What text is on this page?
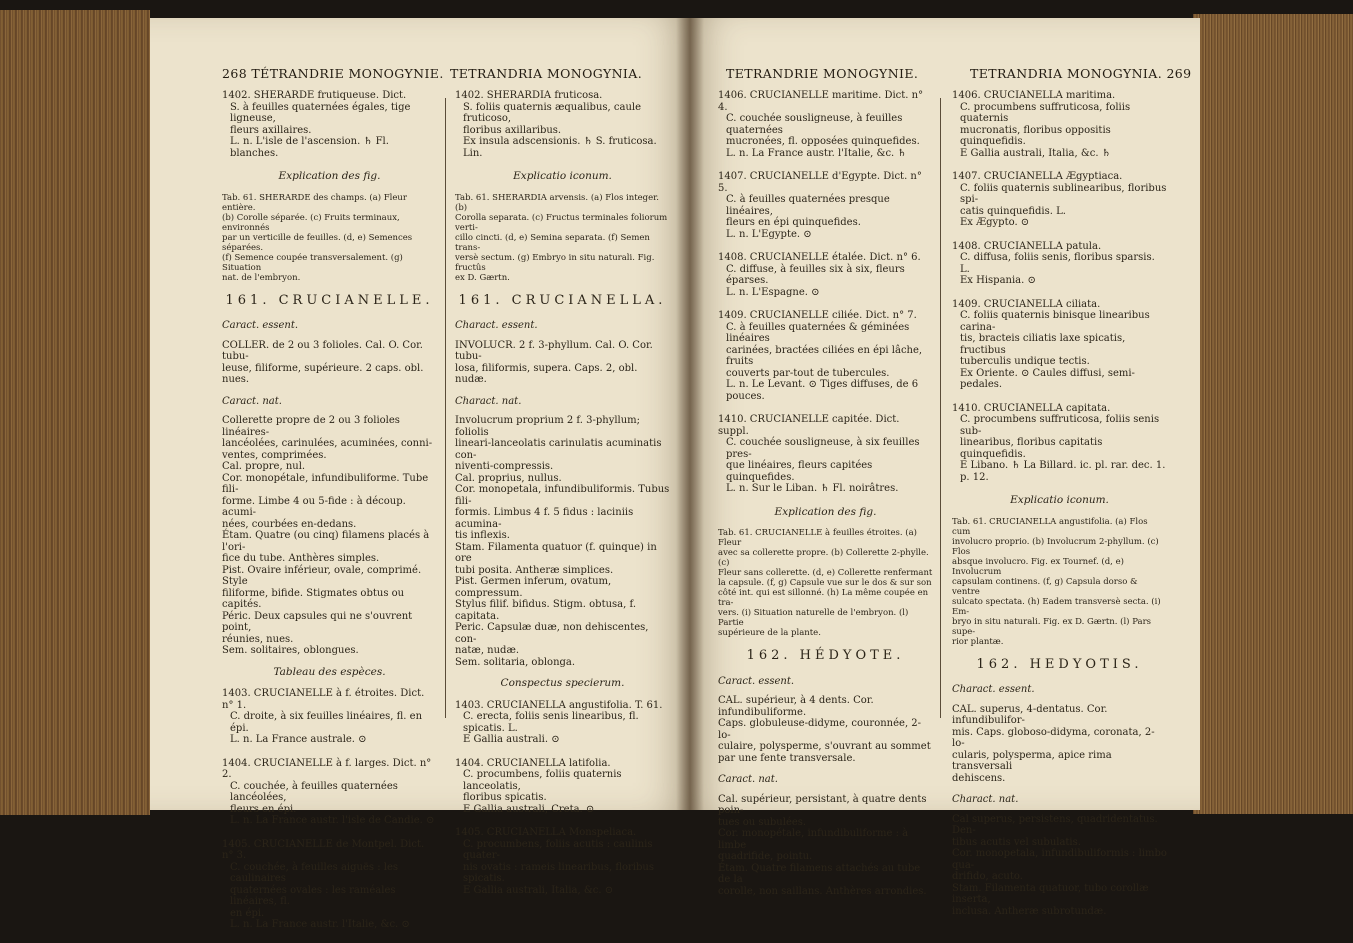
268 TÉTRANDRIE MONOGYNIE. TETRANDRIA MONOGYNIA.
1402. SHERARDE frutiqueuse. Dict.
S. à feuilles quaternées égales, tige ligneuse,
fleurs axillaires.
L. n. L'isle de l'ascension. ♄ Fl. blanches.
Explication des fig.
Tab. 61. SHERARDE des champs. (a) Fleur entière.
(b) Corolle séparée. (c) Fruits terminaux, environnés
par un verticille de feuilles. (d, e) Semences séparées.
(f) Semence coupée transversalement. (g) Situation
nat. de l'embryon.
161. CRUCIANELLE.
Caract. essent.
COLLER. de 2 ou 3 folioles. Cal. O. Cor. tubu-
leuse, filiforme, supérieure. 2 caps. obl. nues.
Caract. nat.
Collerette propre de 2 ou 3 folioles linéaires-
lancéolées, carinulées, acuminées, conni-
ventes, comprimées.
Cal. propre, nul.
Cor. monopétale, infundibuliforme. Tube fili-
forme. Limbe 4 ou 5-fide : à découp. acumi-
nées, courbées en-dedans.
Étam. Quatre (ou cinq) filamens placés à l'ori-
fice du tube. Anthères simples.
Pist. Ovaire inférieur, ovale, comprimé. Style
filiforme, bifide. Stigmates obtus ou capités.
Péric. Deux capsules qui ne s'ouvrent point,
réunies, nues.
Sem. solitaires, oblongues.
Tableau des espèces.
1403. CRUCIANELLE à f. étroites. Dict. n° 1.
C. droite, à six feuilles linéaires, fl. en épi.
L. n. La France australe. ⊙
1404. CRUCIANELLE à f. larges. Dict. n° 2.
C. couchée, à feuilles quaternées lancéolées,
fleurs en épi.
L. n. La France austr. l'isle de Candie. ⊙
1405. CRUCIANELLE de Montpel. Dict. n° 3.
C. couchée, à feuilles aiguës : les caulinaires
quaternées ovales : les raméales linéaires, fl.
en épi.
L. n. La France austr. l'Italie, &c. ⊙
1402. SHERARDIA fruticosa.
S. foliis quaternis æqualibus, caule fruticoso,
floribus axillaribus.
Ex insula adscensionis. ♄ S. fruticosa. Lin.
Explicatio iconum.
Tab. 61. SHERARDIA arvensis. (a) Flos integer. (b)
Corolla separata. (c) Fructus terminales foliorum verti-
cillo cincti. (d, e) Semina separata. (f) Semen trans-
versè sectum. (g) Embryo in situ naturali. Fig. fructûs
ex D. Gærtn.
161. CRUCIANELLA.
Charact. essent.
INVOLUCR. 2 f. 3-phyllum. Cal. O. Cor. tubu-
losa, filiformis, supera. Caps. 2, obl. nudæ.
Charact. nat.
Involucrum proprium 2 f. 3-phyllum; foliolis
lineari-lanceolatis carinulatis acuminatis con-
niventi-compressis.
Cal. proprius, nullus.
Cor. monopetala, infundibuliformis. Tubus fili-
formis. Limbus 4 f. 5 fidus : laciniis acumina-
tis inflexis.
Stam. Filamenta quatuor (f. quinque) in ore
tubi posita. Antheræ simplices.
Pist. Germen inferum, ovatum, compressum.
Stylus filif. bifidus. Stigm. obtusa, f. capitata.
Peric. Capsulæ duæ, non dehiscentes, con-
natæ, nudæ.
Sem. solitaria, oblonga.
Conspectus specierum.
1403. CRUCIANELLA angustifolia. T. 61.
C. erecta, foliis senis linearibus, fl. spicatis. L.
E Gallia australi. ⊙
1404. CRUCIANELLA latifolia.
C. procumbens, foliis quaternis lanceolatis,
floribus spicatis.
E Gallia australi, Creta. ⊙
1405. CRUCIANELLA Monspeliaca.
C. procumbens, foliis acutis : caulinis quater-
nis ovatis : rameis linearibus, floribus spicatis.
E Gallia australi, Italia, &c. ⊙
TETRANDRIE MONOGYNIE.	TETRANDRIA MONOGYNIA. 269
1406. CRUCIANELLE maritime. Dict. n° 4.
C. couchée sousligneuse, à feuilles quaternées
mucronées, fl. opposées quinquefides.
L. n. La France austr. l'Italie, &c. ♄
1407. CRUCIANELLE d'Egypte. Dict. n° 5.
C. à feuilles quaternées presque linéaires,
fleurs en épi quinquefides.
L. n. L'Egypte. ⊙
1408. CRUCIANELLE étalée. Dict. n° 6.
C. diffuse, à feuilles six à six, fleurs éparses.
L. n. L'Espagne. ⊙
1409. CRUCIANELLE ciliée. Dict. n° 7.
C. à feuilles quaternées & géminées linéaires
carinées, bractées ciliées en épi lâche, fruits
couverts par-tout de tubercules.
L. n. Le Levant. ⊙ Tiges diffuses, de 6 pouces.
1410. CRUCIANELLE capitée. Dict. suppl.
C. couchée sousligneuse, à six feuilles pres-
que linéaires, fleurs capitées quinquefides.
L. n. Sur le Liban. ♄ Fl. noirâtres.
Explication des fig.
Tab. 61. CRUCIANELLE à feuilles étroites. (a) Fleur
avec sa collerette propre. (b) Collerette 2-phylle. (c)
Fleur sans collerette. (d, e) Collerette renfermant
la capsule. (f, g) Capsule vue sur le dos & sur son
côté int. qui est sillonné. (h) La même coupée en tra-
vers. (i) Situation naturelle de l'embryon. (l) Partie
supérieure de la plante.
162. HÉDYOTE.
Caract. essent.
CAL. supérieur, à 4 dents. Cor. infundibuliforme.
Caps. globuleuse-didyme, couronnée, 2-lo-
culaire, polysperme, s'ouvrant au sommet
par une fente transversale.
Caract. nat.
Cal. supérieur, persistant, à quatre dents poin-
tues ou subulées.
Cor. monopétale, infundibuliforme : à limbe
quadrifide, pointu.
Étam. Quatre filamens attachés au tube de la
corolle, non saillans. Anthères arrondies.
1406. CRUCIANELLA maritima.
C. procumbens suffruticosa, foliis quaternis
mucronatis, floribus oppositis quinquefidis.
E Gallia australi, Italia, &c. ♄
1407. CRUCIANELLA Ægyptiaca.
C. foliis quaternis sublinearibus, floribus spi-
catis quinquefidis. L.
Ex Ægypto. ⊙
1408. CRUCIANELLA patula.
C. diffusa, foliis senis, floribus sparsis. L.
Ex Hispania. ⊙
1409. CRUCIANELLA ciliata.
C. foliis quaternis binisque linearibus carina-
tis, bracteis ciliatis laxe spicatis, fructibus
tuberculis undique tectis.
Ex Oriente. ⊙ Caules diffusi, semi-pedales.
1410. CRUCIANELLA capitata.
C. procumbens suffruticosa, foliis senis sub-
linearibus, floribus capitatis quinquefidis.
E Libano. ♄ La Billard. ic. pl. rar. dec. 1. p. 12.
Explicatio iconum.
Tab. 61. CRUCIANELLA angustifolia. (a) Flos cum
involucro proprio. (b) Involucrum 2-phyllum. (c) Flos
absque involucro. Fig. ex Tournef. (d, e) Involucrum
capsulam continens. (f, g) Capsula dorso & ventre
sulcato spectata. (h) Eadem transversè secta. (i) Em-
bryo in situ naturali. Fig. ex D. Gærtn. (l) Pars supe-
rior plantæ.
162. HEDYOTIS.
Charact. essent.
CAL. superus, 4-dentatus. Cor. infundibulifor-
mis. Caps. globoso-didyma, coronata, 2-lo-
cularis, polysperma, apice rima transversali
dehiscens.
Charact. nat.
Cal superus, persistens, quadridentatus. Den-
tibus acutis vel subulatis.
Cor. monopetala, infundibuliformis : limbo qua-
drifido, acuto.
Stam. Filamenta quatuor, tubo corollæ inserta,
inclusa. Antheræ subrotundæ.
